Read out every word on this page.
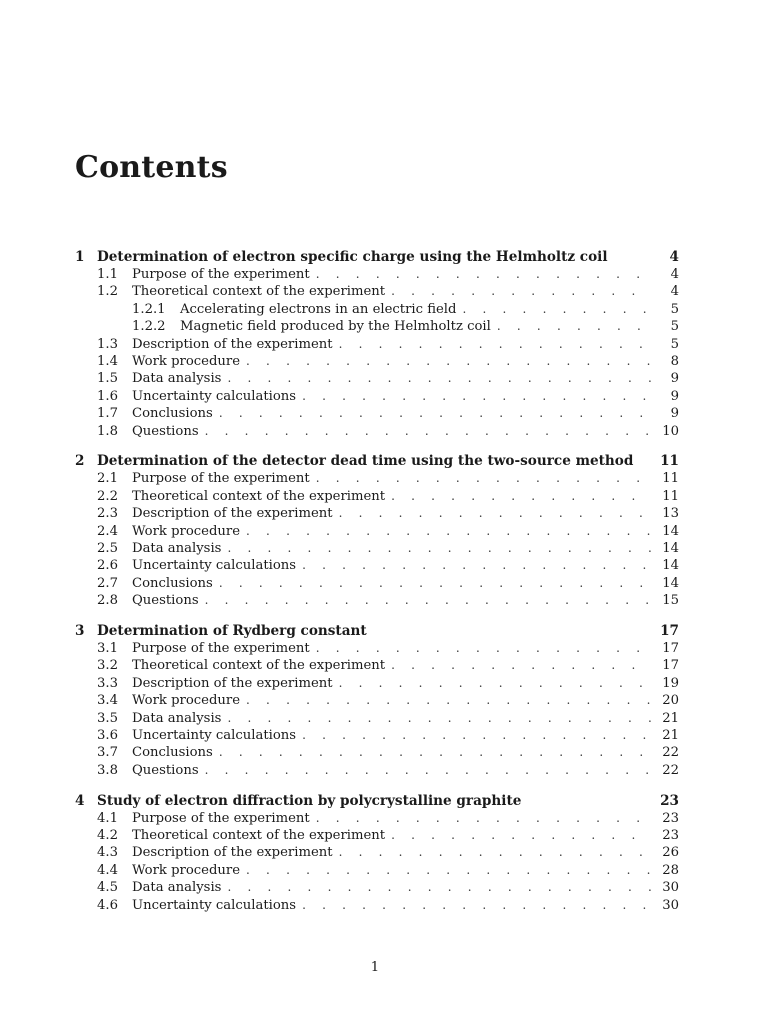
Contents
1 Determination of electron specific charge using the Helmholtz coil	4
1.1	Purpose of the experiment . . .	4
1.2	Theoretical context of the experiment . . .	4
1.2.1	Accelerating electrons in an electric field . . .	5
1.2.2	Magnetic field produced by the Helmholtz coil . . .	5
1.3	Description of the experiment . . .	5
1.4	Work procedure . . .	8
1.5	Data analysis . . .	9
1.6	Uncertainty calculations . . .	9
1.7	Conclusions . . .	9
1.8	Questions . . .	10
2 Determination of the detector dead time using the two-source method 11
2.1	Purpose of the experiment . . .	11
2.2	Theoretical context of the experiment . . .	11
2.3	Description of the experiment . . .	13
2.4	Work procedure . . .	14
2.5	Data analysis . . .	14
2.6	Uncertainty calculations . . .	14
2.7	Conclusions . . .	14
2.8	Questions . . .	15
3 Determination of Rydberg constant	17
3.1	Purpose of the experiment . . .	17
3.2	Theoretical context of the experiment . . .	17
3.3	Description of the experiment . . .	19
3.4	Work procedure . . .	20
3.5	Data analysis . . .	21
3.6	Uncertainty calculations . . .	21
3.7	Conclusions . . .	22
3.8	Questions . . .	22
4 Study of electron diffraction by polycrystalline graphite	23
4.1	Purpose of the experiment . . .	23
4.2	Theoretical context of the experiment . . .	23
4.3	Description of the experiment . . .	26
4.4	Work procedure . . .	28
4.5	Data analysis . . .	30
4.6	Uncertainty calculations . . .	30
1
